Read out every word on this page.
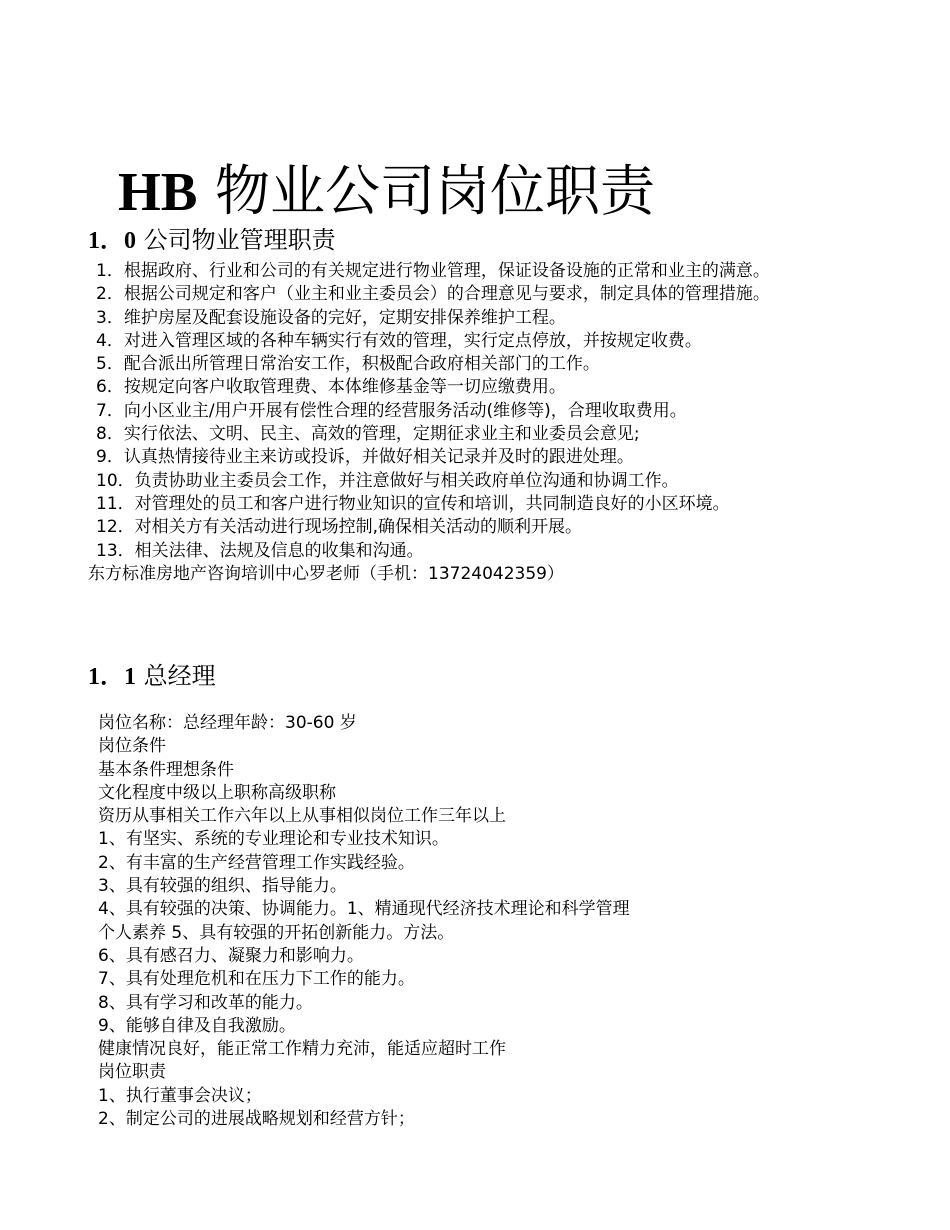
HB 物业公司岗位职责
1．0 公司物业管理职责
1．根据政府、行业和公司的有关规定进行物业管理，保证设备设施的正常和业主的满意。
2．根据公司规定和客户（业主和业主委员会）的合理意见与要求，制定具体的管理措施。
3．维护房屋及配套设施设备的完好，定期安排保养维护工程。
4．对进入管理区域的各种车辆实行有效的管理，实行定点停放，并按规定收费。
5．配合派出所管理日常治安工作，积极配合政府相关部门的工作。
6．按规定向客户收取管理费、本体维修基金等一切应缴费用。
7．向小区业主/用户开展有偿性合理的经营服务活动(维修等)，合理收取费用。
8．实行依法、文明、民主、高效的管理，定期征求业主和业委员会意见;
9．认真热情接待业主来访或投诉，并做好相关记录并及时的跟进处理。
10．负责协助业主委员会工作，并注意做好与相关政府单位沟通和协调工作。
11．对管理处的员工和客户进行物业知识的宣传和培训，共同制造良好的小区环境。
12．对相关方有关活动进行现场控制,确保相关活动的顺利开展。
13．相关法律、法规及信息的收集和沟通。
东方标准房地产咨询培训中心罗老师（手机：13724042359）
1．1 总经理
岗位名称：总经理年龄：30-60 岁
岗位条件
基本条件理想条件
文化程度中级以上职称高级职称
资历从事相关工作六年以上从事相似岗位工作三年以上
1、有坚实、系统的专业理论和专业技术知识。
2、有丰富的生产经营管理工作实践经验。
3、具有较强的组织、指导能力。
4、具有较强的决策、协调能力。1、精通现代经济技术理论和科学管理
个人素养 5、具有较强的开拓创新能力。方法。
6、具有感召力、凝聚力和影响力。
7、具有处理危机和在压力下工作的能力。
8、具有学习和改革的能力。
9、能够自律及自我激励。
健康情况良好，能正常工作精力充沛，能适应超时工作
岗位职责
1、执行董事会决议；
2、制定公司的进展战略规划和经营方针；
